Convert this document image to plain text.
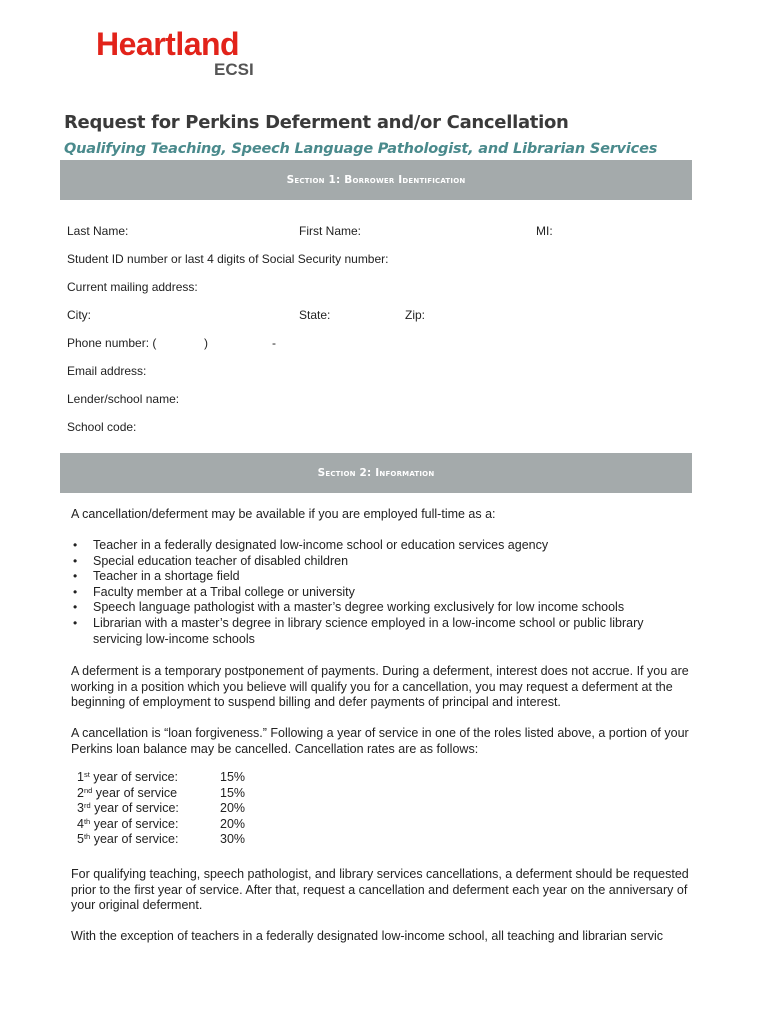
Heartland
ECSI
Request for Perkins Deferment and/or Cancellation
Qualifying Teaching, Speech Language Pathologist, and Librarian Services
Section 1: Borrower Identification
Last Name:	First Name:	MI:
Student ID number or last 4 digits of Social Security number:
Current mailing address:
City:	State:	Zip:
Phone number: (	)	-
Email address:
Lender/school name:
School code:
Section 2: Information
A cancellation/deferment may be available if you are employed full-time as a:
• Teacher in a federally designated low-income school or education services agency
• Special education teacher of disabled children
• Teacher in a shortage field
• Faculty member at a Tribal college or university
• Speech language pathologist with a master’s degree working exclusively for low income schools
• Librarian with a master’s degree in library science employed in a low-income school or public library servicing low-income schools
A deferment is a temporary postponement of payments. During a deferment, interest does not accrue. If you are working in a position which you believe will qualify you for a cancellation, you may request a deferment at the beginning of employment to suspend billing and defer payments of principal and interest.
A cancellation is “loan forgiveness.” Following a year of service in one of the roles listed above, a portion of your Perkins loan balance may be cancelled. Cancellation rates are as follows:
1st year of service:	15%
2nd year of service	15%
3rd year of service:	20%
4th year of service:	20%
5th year of service:	30%
For qualifying teaching, speech pathologist, and library services cancellations, a deferment should be requested prior to the first year of service. After that, request a cancellation and deferment each year on the anniversary of your original deferment.
With the exception of teachers in a federally designated low-income school, all teaching and librarian servic
